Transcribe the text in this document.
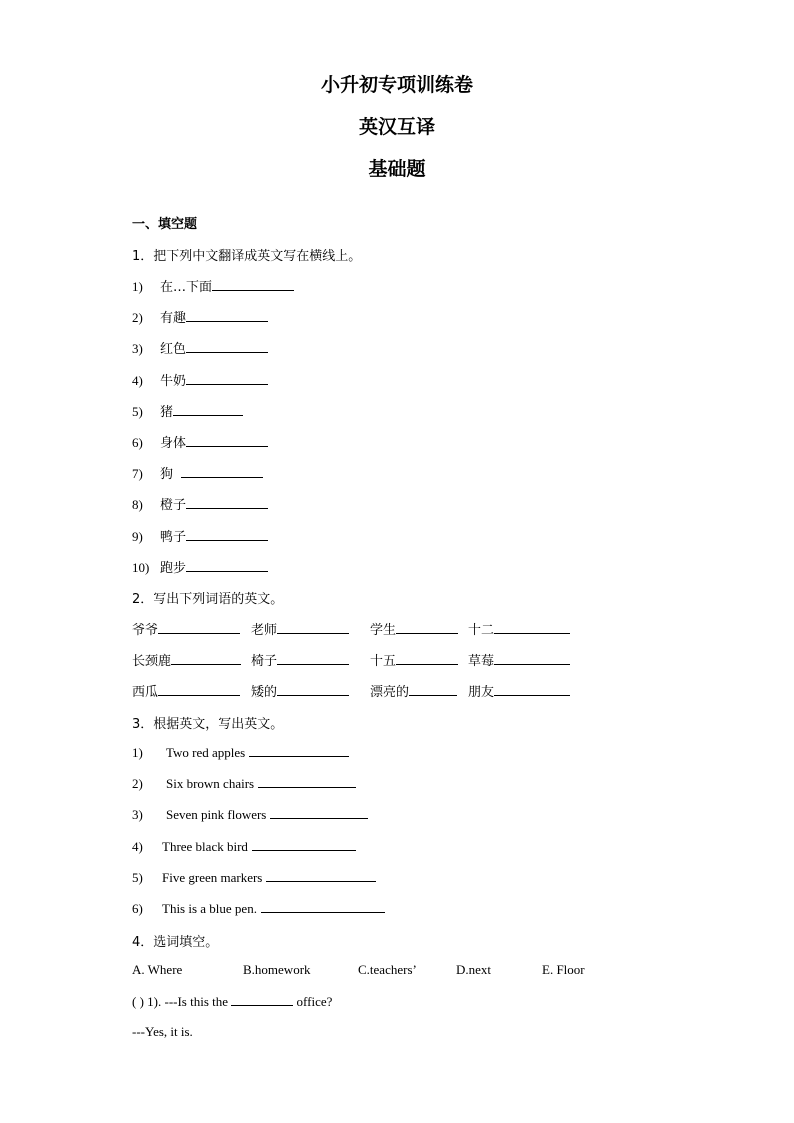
小升初专项训练卷
英汉互译
基础题
一、填空题
1．把下列中文翻译成英文写在横线上。
2．写出下列词语的英文。
3．根据英文，写出英文。
4．选词填空。
( ) 1). ---Is this the	office?
---Yes, it is.
1) 在…下面
2) 有趣
3) 红色
4) 牛奶
5) 猪
6) 身体
7) 狗
8) 橙子
9) 鸭子
10) 跑步
爷爷	老师	学生	十二
长颈鹿	椅子	十五	草莓
西瓜	矮的	漂亮的	朋友
1) Two red apples
2) Six brown chairs
3) Seven pink flowers
4) Three black bird
5) Five green markers
6) This is a blue pen.
A. Where	B.homework	C.teachers’	D.next	E. Floor
